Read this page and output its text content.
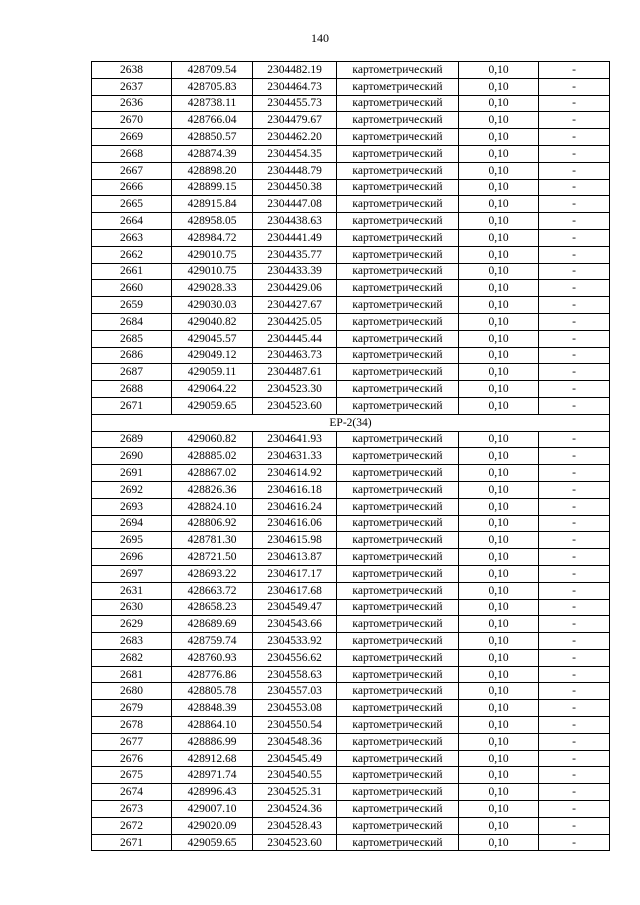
140
2638	428709.54	2304482.19	картометрический	0,10	-
2637	428705.83	2304464.73	картометрический	0,10	-
2636	428738.11	2304455.73	картометрический	0,10	-
2670	428766.04	2304479.67	картометрический	0,10	-
2669	428850.57	2304462.20	картометрический	0,10	-
2668	428874.39	2304454.35	картометрический	0,10	-
2667	428898.20	2304448.79	картометрический	0,10	-
2666	428899.15	2304450.38	картометрический	0,10	-
2665	428915.84	2304447.08	картометрический	0,10	-
2664	428958.05	2304438.63	картометрический	0,10	-
2663	428984.72	2304441.49	картометрический	0,10	-
2662	429010.75	2304435.77	картометрический	0,10	-
2661	429010.75	2304433.39	картометрический	0,10	-
2660	429028.33	2304429.06	картометрический	0,10	-
2659	429030.03	2304427.67	картометрический	0,10	-
2684	429040.82	2304425.05	картометрический	0,10	-
2685	429045.57	2304445.44	картометрический	0,10	-
2686	429049.12	2304463.73	картометрический	0,10	-
2687	429059.11	2304487.61	картометрический	0,10	-
2688	429064.22	2304523.30	картометрический	0,10	-
2671	429059.65	2304523.60	картометрический	0,10	-
ЕР-2(34)					
2689	429060.82	2304641.93	картометрический	0,10	-
2690	428885.02	2304631.33	картометрический	0,10	-
2691	428867.02	2304614.92	картометрический	0,10	-
2692	428826.36	2304616.18	картометрический	0,10	-
2693	428824.10	2304616.24	картометрический	0,10	-
2694	428806.92	2304616.06	картометрический	0,10	-
2695	428781.30	2304615.98	картометрический	0,10	-
2696	428721.50	2304613.87	картометрический	0,10	-
2697	428693.22	2304617.17	картометрический	0,10	-
2631	428663.72	2304617.68	картометрический	0,10	-
2630	428658.23	2304549.47	картометрический	0,10	-
2629	428689.69	2304543.66	картометрический	0,10	-
2683	428759.74	2304533.92	картометрический	0,10	-
2682	428760.93	2304556.62	картометрический	0,10	-
2681	428776.86	2304558.63	картометрический	0,10	-
2680	428805.78	2304557.03	картометрический	0,10	-
2679	428848.39	2304553.08	картометрический	0,10	-
2678	428864.10	2304550.54	картометрический	0,10	-
2677	428886.99	2304548.36	картометрический	0,10	-
2676	428912.68	2304545.49	картометрический	0,10	-
2675	428971.74	2304540.55	картометрический	0,10	-
2674	428996.43	2304525.31	картометрический	0,10	-
2673	429007.10	2304524.36	картометрический	0,10	-
2672	429020.09	2304528.43	картометрический	0,10	-
2671	429059.65	2304523.60	картометрический	0,10	-
